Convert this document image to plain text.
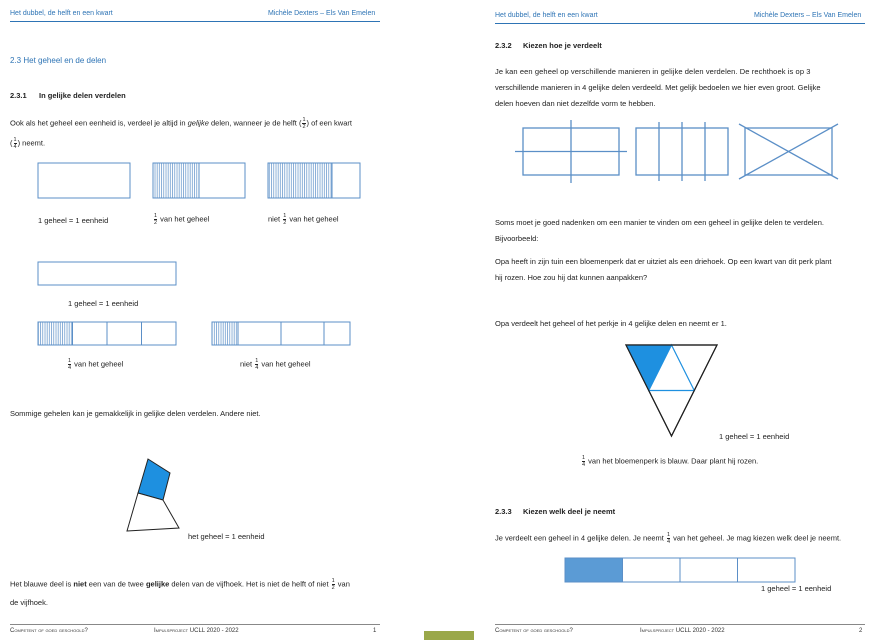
Het dubbel, de helft en een kwart	Michèle Dexters – Els Van Emelen
2.3 Het geheel en de delen
2.3.1 In gelijke delen verdelen
Ook als het geheel een eenheid is, verdeel je altijd in gelijke delen, wanneer je de helft ( $\frac{1}{2}$ ) of een kwart
( $\frac{1}{4}$ ) neemt.
1 geheel = 1 eenheid	$\frac{1}{2}$ van het geheel	niet $\frac{1}{2}$ van het geheel
1 geheel = 1 eenheid
$\frac{1}{4}$ van het geheel	niet $\frac{1}{4}$ van het geheel
Sommige gehelen kan je gemakkelijk in gelijke delen verdelen. Andere niet.
het geheel = 1 eenheid
Het blauwe deel is niet een van de twee gelijke delen van de vijfhoek. Het is niet de helft of niet $\frac{1}{2}$ van
de vijfhoek.
Competent of goed geschoold?	Impulsproject UCLL 2020 - 2022	1
Het dubbel, de helft en een kwart	Michèle Dexters – Els Van Emelen
2.3.2 Kiezen hoe je verdeelt
Je kan een geheel op verschillende manieren in gelijke delen verdelen. De rechthoek is op 3
verschillende manieren in 4 gelijke delen verdeeld. Met gelijk bedoelen we hier even groot. Gelijke
delen hoeven dan niet dezelfde vorm te hebben.
Soms moet je goed nadenken om een manier te vinden om een geheel in gelijke delen te verdelen.
Bijvoorbeeld:
Opa heeft in zijn tuin een bloemenperk dat er uitziet als een driehoek. Op een kwart van dit perk plant
hij rozen. Hoe zou hij dat kunnen aanpakken?
Opa verdeelt het geheel of het perkje in 4 gelijke delen en neemt er 1.
1 geheel = 1 eenheid
$\frac{1}{4}$ van het bloemenperk is blauw. Daar plant hij rozen.
2.3.3 Kiezen welk deel je neemt
Je verdeelt een geheel in 4 gelijke delen. Je neemt $\frac{1}{4}$ van het geheel. Je mag kiezen welk deel je neemt.
1 geheel = 1 eenheid
Competent of goed geschoold?	Impulsproject UCLL 2020 - 2022	2
